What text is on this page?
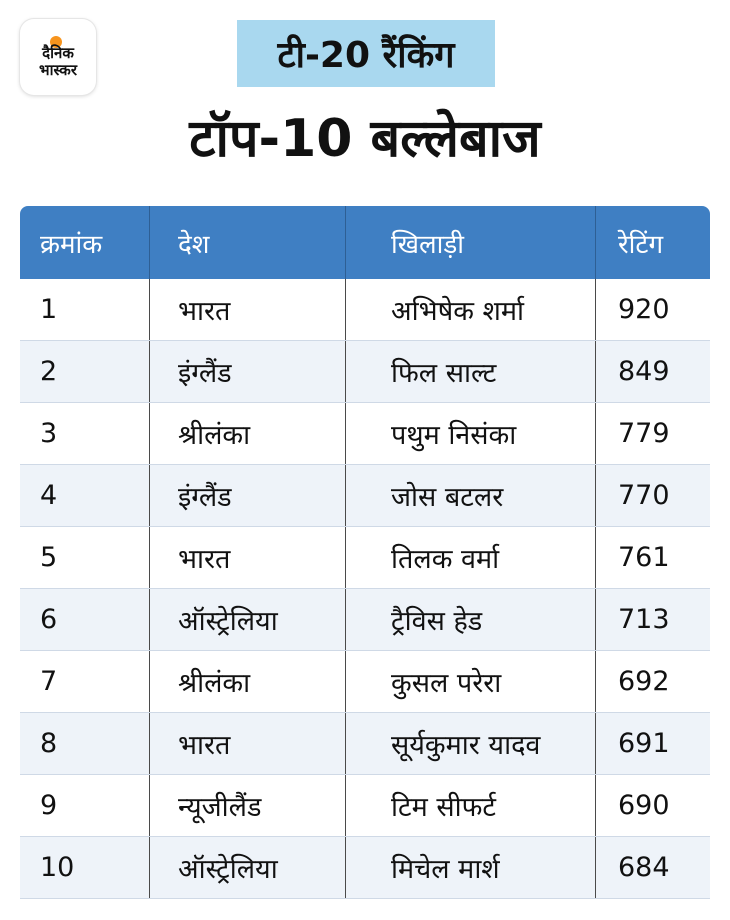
दैनिक
भास्कर	टी-20 रैंकिंग
टॉप-10 बल्लेबाज
क्रमांक	देश	खिलाड़ी	रेटिंग
1	भारत	अभिषेक शर्मा	920
2	इंग्लैंड	फिल साल्ट	849
3	श्रीलंका	पथुम निसंका	779
4	इंग्लैंड	जोस बटलर	770
5	भारत	तिलक वर्मा	761
6	ऑस्ट्रेलिया	ट्रैविस हेड	713
7	श्रीलंका	कुसल परेरा	692
8	भारत	सूर्यकुमार यादव	691
9	न्यूजीलैंड	टिम सीफर्ट	690
10	ऑस्ट्रेलिया	मिचेल मार्श	684
